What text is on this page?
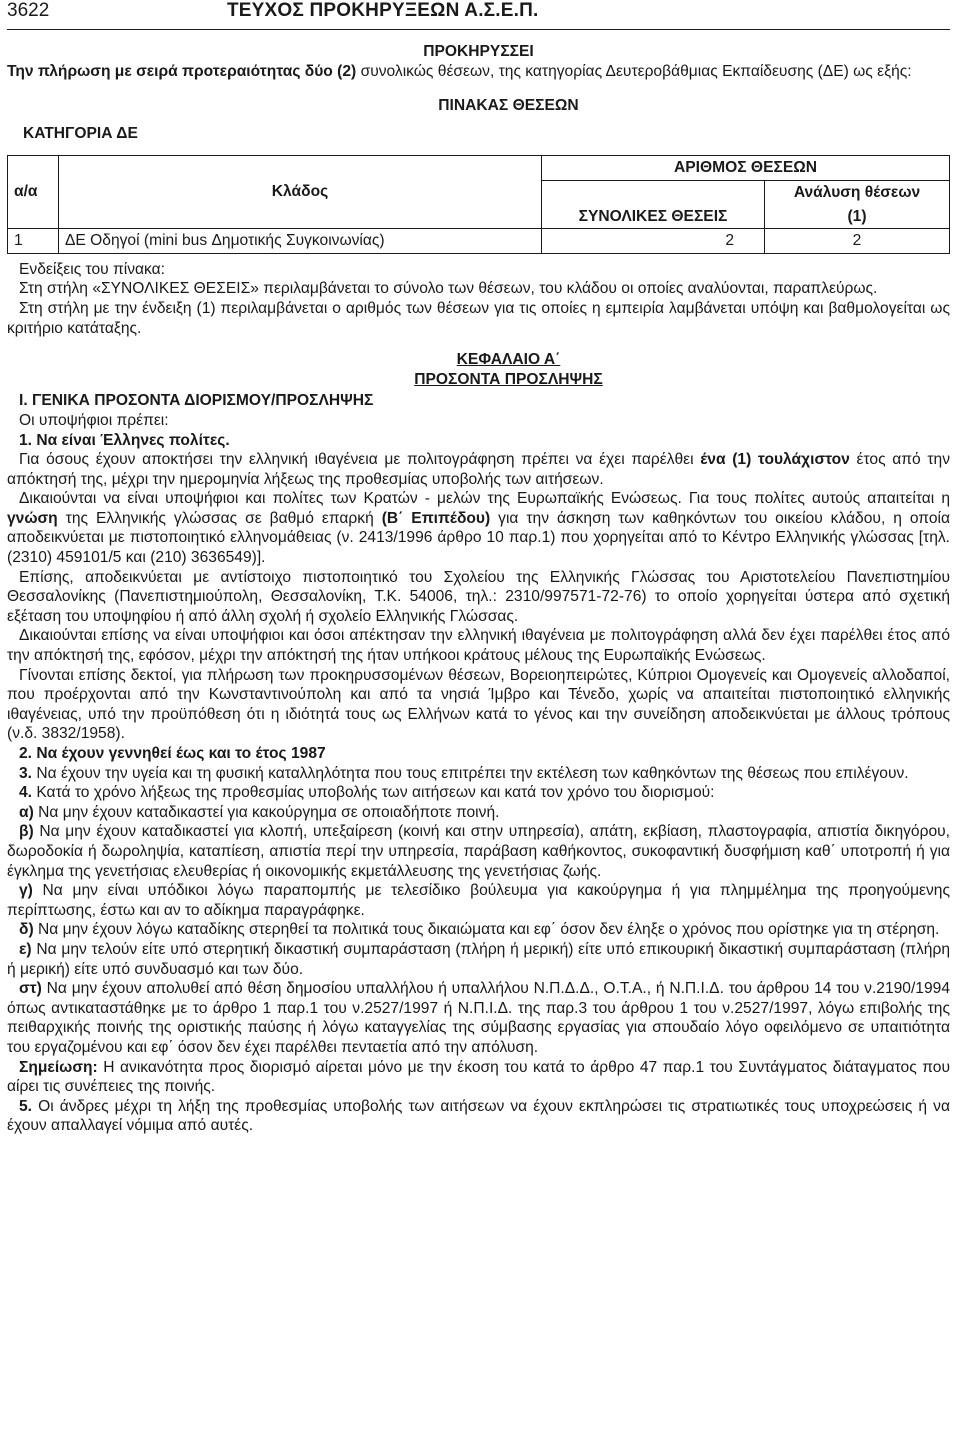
3622	ΤΕΥΧΟΣ ΠΡΟΚΗΡΥΞΕΩΝ Α.Σ.Ε.Π.
ΠΡΟΚΗΡΥΣΣΕΙ

Την πλήρωση με σειρά προτεραιότητας δύο (2) συνολικώς θέσεων, της κατηγορίας Δευτεροβάθμιας Εκπαίδευσης (ΔΕ) ως εξής:

ΠΙΝΑΚΑΣ ΘΕΣΕΩΝ
ΚΑΤΗΓΟΡΙΑ ΔΕ
α/α	Κλάδος	ΑΡΙΘΜΟΣ ΘΕΣΕΩΝ	
		ΣΥΝΟΛΙΚΕΣ ΘΕΣΕΙΣ	Ανάλυση θέσεων
			(1)
1	ΔΕ Οδηγοί (mini bus Δημοτικής Συγκοινωνίας)	2	2

Ενδείξεις του πίνακα:

Στη στήλη «ΣΥΝΟΛΙΚΕΣ ΘΕΣΕΙΣ» περιλαμβάνεται το σύνολο των θέσεων, του κλάδου οι οποίες αναλύονται, παραπλεύρως.

Στη στήλη με την ένδειξη (1) περιλαμβάνεται ο αριθμός των θέσεων για τις οποίες η εμπειρία λαμβάνεται υπόψη και βαθμολογείται ως κριτήριο κατάταξης.

ΚΕΦΑΛΑΙΟ Α΄
ΠΡΟΣΟΝΤΑ ΠΡΟΣΛΗΨΗΣ
Ι. ΓΕΝΙΚΑ ΠΡΟΣΟΝΤΑ ΔΙΟΡΙΣΜΟΥ/ΠΡΟΣΛΗΨΗΣ

Οι υποψήφιοι πρέπει:

1. Να είναι Έλληνες πολίτες.

Για όσους έχουν αποκτήσει την ελληνική ιθαγένεια με πολιτογράφηση πρέπει να έχει παρέλθει ένα (1) τουλάχιστον έτος από την απόκτησή της, μέχρι την ημερομηνία λήξεως της προθεσμίας υποβολής των αιτήσεων.

Δικαιούνται να είναι υποψήφιοι και πολίτες των Κρατών - μελών της Ευρωπαϊκής Ενώσεως. Για τους πολίτες αυτούς απαιτείται η γνώση της Ελληνικής γλώσσας σε βαθμό επαρκή (Β΄ Επιπέδου) για την άσκηση των καθηκόντων του οικείου κλάδου, η οποία αποδεικνύεται με πιστοποιητικό ελληνομάθειας (ν. 2413/1996 άρθρο 10 παρ.1) που χορηγείται από το Κέντρο Ελληνικής γλώσσας [τηλ. (2310) 459101/5 και (210) 3636549)].

Επίσης, αποδεικνύεται με αντίστοιχο πιστοποιητικό του Σχολείου της Ελληνικής Γλώσσας του Αριστοτελείου Πανεπιστημίου Θεσσαλονίκης (Πανεπιστημιούπολη, Θεσσαλονίκη, Τ.Κ. 54006, τηλ.: 2310/997571-72-76) το οποίο χορηγείται ύστερα από σχετική εξέταση του υποψηφίου ή από άλλη σχολή ή σχολείο Ελληνικής Γλώσσας.

Δικαιούνται επίσης να είναι υποψήφιοι και όσοι απέκτησαν την ελληνική ιθαγένεια με πολιτογράφηση αλλά δεν έχει παρέλθει έτος από την απόκτησή της, εφόσον, μέχρι την απόκτησή της ήταν υπήκοοι κράτους μέλους της Ευρωπαϊκής Ενώσεως.

Γίνονται επίσης δεκτοί, για πλήρωση των προκηρυσσομένων θέσεων, Βορειοηπειρώτες, Κύπριοι Ομογενείς και Ομογενείς αλλοδαποί, που προέρχονται από την Κωνσταντινούπολη και από τα νησιά Ίμβρο και Τένεδο, χωρίς να απαιτείται πιστοποιητικό ελληνικής ιθαγένειας, υπό την προϋπόθεση ότι η ιδιότητά τους ως Ελλήνων κατά το γένος και την συνείδηση αποδεικνύεται με άλλους τρόπους (ν.δ. 3832/1958).

2. Να έχουν γεννηθεί έως και το έτος 1987

3. Να έχουν την υγεία και τη φυσική καταλληλότητα που τους επιτρέπει την εκτέλεση των καθηκόντων της θέσεως που επιλέγουν.

4. Κατά το χρόνο λήξεως της προθεσμίας υποβολής των αιτήσεων και κατά τον χρόνο του διορισμού:

α) Να μην έχουν καταδικαστεί για κακούργημα σε οποιαδήποτε ποινή.

β) Να μην έχουν καταδικαστεί για κλοπή, υπεξαίρεση (κοινή και στην υπηρεσία), απάτη, εκβίαση, πλαστογραφία, απιστία δικηγόρου, δωροδοκία ή δωροληψία, καταπίεση, απιστία περί την υπηρεσία, παράβαση καθήκοντος, συκοφαντική δυσφήμιση καθ΄ υποτροπή ή για έγκλημα της γενετήσιας ελευθερίας ή οικονομικής εκμετάλλευσης της γενετήσιας ζωής.

γ) Να μην είναι υπόδικοι λόγω παραπομπής με τελεσίδικο βούλευμα για κακούργημα ή για πλημμέλημα της προηγούμενης περίπτωσης, έστω και αν το αδίκημα παραγράφηκε.

δ) Να μην έχουν λόγω καταδίκης στερηθεί τα πολιτικά τους δικαιώματα και εφ΄ όσον δεν έληξε ο χρόνος που ορίστηκε για τη στέρηση.

ε) Να μην τελούν είτε υπό στερητική δικαστική συμπαράσταση (πλήρη ή μερική) είτε υπό επικουρική δικαστική συμπαράσταση (πλήρη ή μερική) είτε υπό συνδυασμό και των δύο.

στ) Να μην έχουν απολυθεί από θέση δημοσίου υπαλλήλου ή υπαλλήλου Ν.Π.Δ.Δ., Ο.Τ.Α., ή Ν.Π.Ι.Δ. του άρθρου 14 του ν.2190/1994 όπως αντικαταστάθηκε με το άρθρο 1 παρ.1 του ν.2527/1997 ή Ν.Π.Ι.Δ. της παρ.3 του άρθρου 1 του ν.2527/1997, λόγω επιβολής της πειθαρχικής ποινής της οριστικής παύσης ή λόγω καταγγελίας της σύμβασης εργασίας για σπουδαίο λόγο οφειλόμενο σε υπαιτιότητα του εργαζομένου και εφ΄ όσον δεν έχει παρέλθει πενταετία από την απόλυση.

Σημείωση: Η ανικανότητα προς διορισμό αίρεται μόνο με την έκοση του κατά το άρθρο 47 παρ.1 του Συντάγματος διάταγματος που αίρει τις συνέπειες της ποινής.

5. Οι άνδρες μέχρι τη λήξη της προθεσμίας υποβολής των αιτήσεων να έχουν εκπληρώσει τις στρατιωτικές τους υποχρεώσεις ή να έχουν απαλλαγεί νόμιμα από αυτές.
